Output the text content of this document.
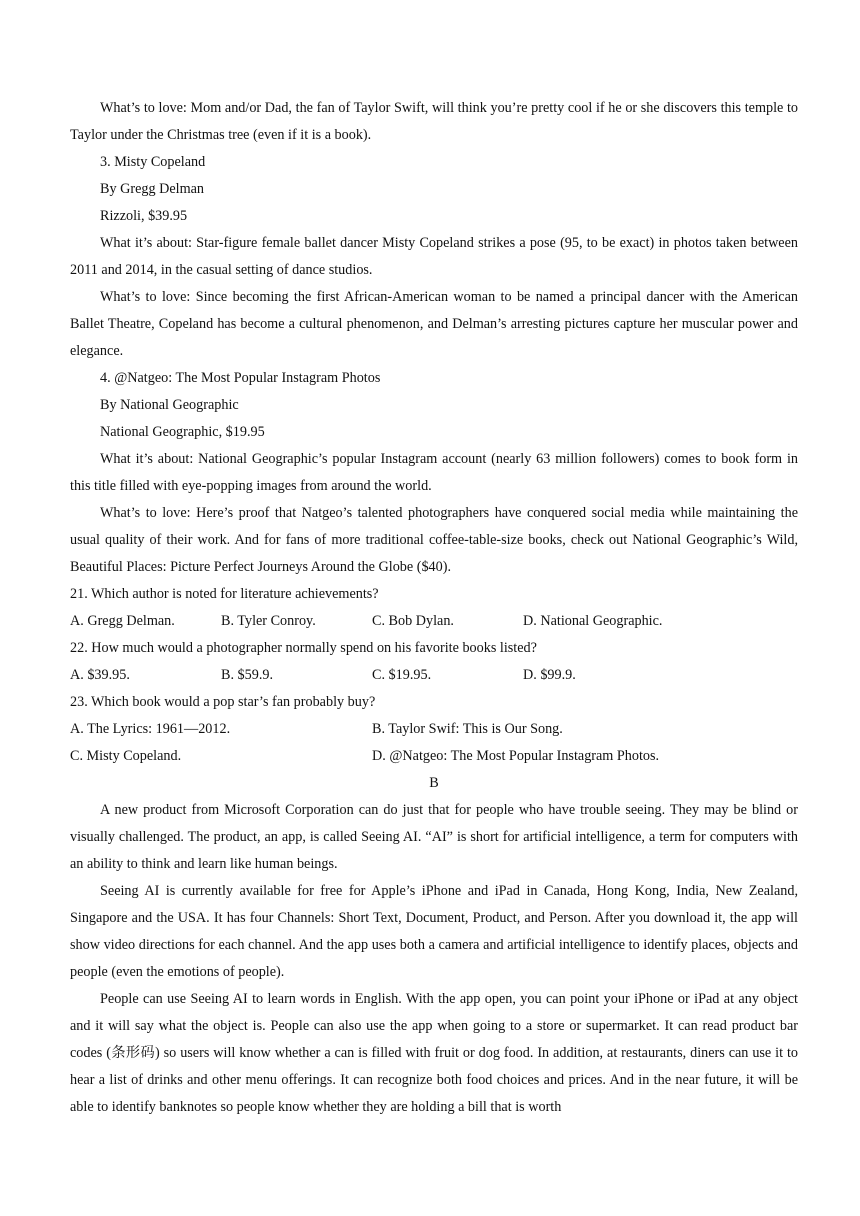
What’s to love: Mom and/or Dad, the fan of Taylor Swift, will think you’re pretty cool if he or she discovers this temple to Taylor under the Christmas tree (even if it is a book).

3. Misty Copeland

By Gregg Delman

Rizzoli, $39.95

What it’s about: Star-figure female ballet dancer Misty Copeland strikes a pose (95, to be exact) in photos taken between 2011 and 2014, in the casual setting of dance studios.

What’s to love: Since becoming the first African-American woman to be named a principal dancer with the American Ballet Theatre, Copeland has become a cultural phenomenon, and Delman’s arresting pictures capture her muscular power and elegance.

4. @Natgeo: The Most Popular Instagram Photos

By National Geographic

National Geographic, $19.95

What it’s about: National Geographic’s popular Instagram account (nearly 63 million followers) comes to book form in this title filled with eye-popping images from around the world.

What’s to love: Here’s proof that Natgeo’s talented photographers have conquered social media while maintaining the usual quality of their work. And for fans of more traditional coffee-table-size books, check out National Geographic’s Wild, Beautiful Places: Picture Perfect Journeys Around the Globe ($40).

21. Which author is noted for literature achievements?

A. Gregg Delman.	B. Tyler Conroy.	C. Bob Dylan.	D. National Geographic.

22. How much would a photographer normally spend on his favorite books listed?

A. $39.95.	B. $59.9.	C. $19.95.	D. $99.9.

23. Which book would a pop star’s fan probably buy?

A. The Lyrics: 1961—2012.	B. Taylor Swif: This is Our Song.
C. Misty Copeland.	D. @Natgeo: The Most Popular Instagram Photos.

B

A new product from Microsoft Corporation can do just that for people who have trouble seeing. They may be blind or visually challenged. The product, an app, is called Seeing AI. “AI” is short for artificial intelligence, a term for computers with an ability to think and learn like human beings.

Seeing AI is currently available for free for Apple’s iPhone and iPad in Canada, Hong Kong, India, New Zealand, Singapore and the USA. It has four Channels: Short Text, Document, Product, and Person. After you download it, the app will show video directions for each channel. And the app uses both a camera and artificial intelligence to identify places, objects and people (even the emotions of people).

People can use Seeing AI to learn words in English. With the app open, you can point your iPhone or iPad at any object and it will say what the object is. People can also use the app when going to a store or supermarket. It can read product bar codes (条形码) so users will know whether a can is filled with fruit or dog food. In addition, at restaurants, diners can use it to hear a list of drinks and other menu offerings. It can recognize both food choices and prices. And in the near future, it will be able to identify banknotes so people know whether they are holding a bill that is worth
